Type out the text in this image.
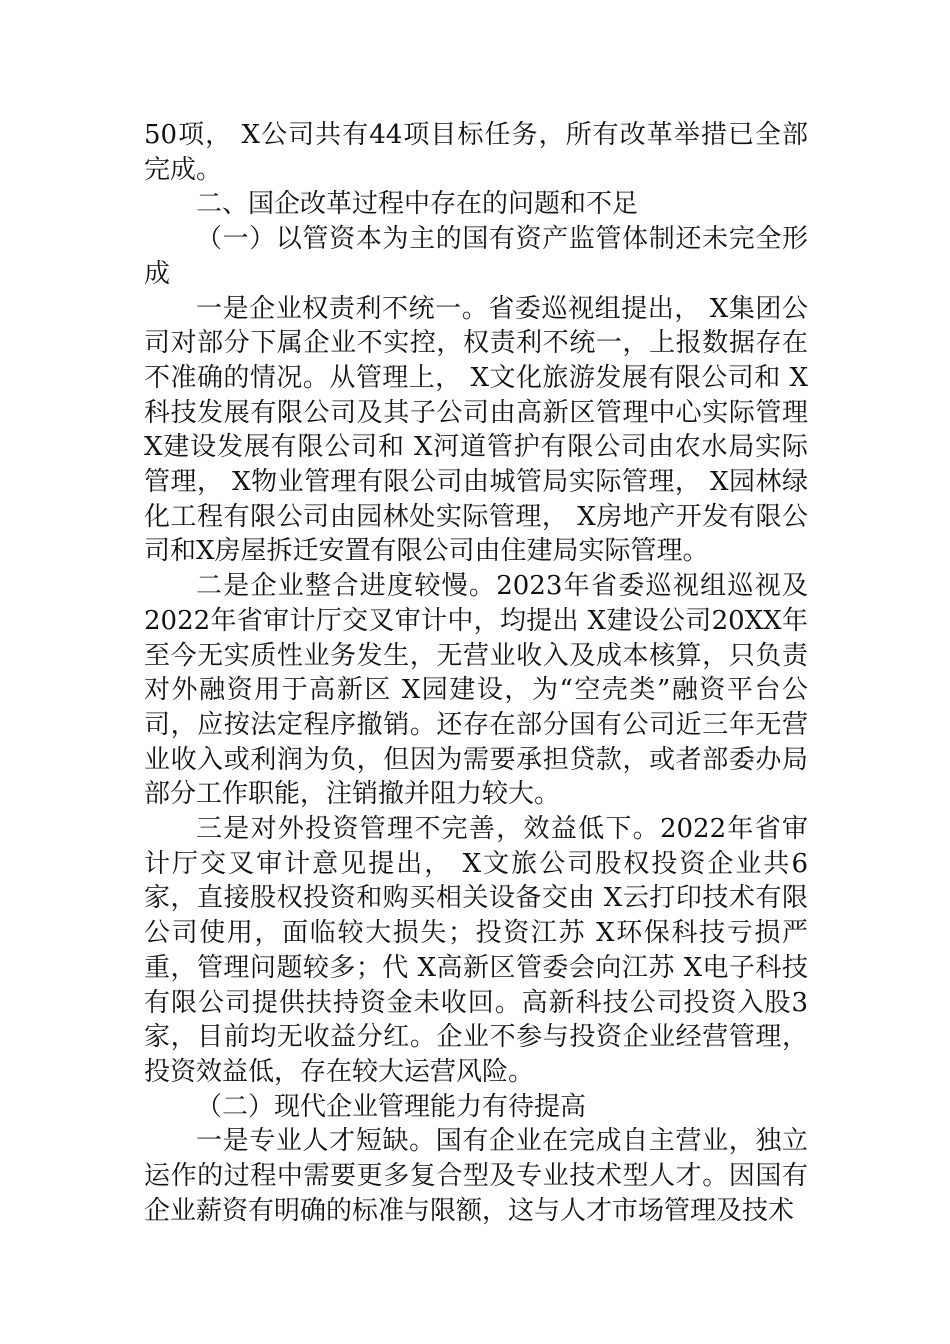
50项， X公司共有44项目标任务，所有改革举措已全部完成。

二、国企改革过程中存在的问题和不足

（一）以管资本为主的国有资产监管体制还未完全形成

一是企业权责利不统一。省委巡视组提出， X集团公司对部分下属企业不实控，权责利不统一，上报数据存在不准确的情况。从管理上， X文化旅游发展有限公司和 X科技发展有限公司及其子公司由高新区管理中心实际管理 X建设发展有限公司和 X河道管护有限公司由农水局实际管理， X物业管理有限公司由城管局实际管理， X园林绿化工程有限公司由园林处实际管理， X房地产开发有限公司和X房屋拆迁安置有限公司由住建局实际管理。

二是企业整合进度较慢。2023年省委巡视组巡视及2022年省审计厅交叉审计中，均提出 X建设公司20XX年至今无实质性业务发生，无营业收入及成本核算，只负责对外融资用于高新区 X园建设，为“空壳类”融资平台公司，应按法定程序撤销。还存在部分国有公司近三年无营业收入或利润为负，但因为需要承担贷款，或者部委办局部分工作职能，注销撤并阻力较大。

三是对外投资管理不完善，效益低下。2022年省审计厅交叉审计意见提出， X文旅公司股权投资企业共6家，直接股权投资和购买相关设备交由 X云打印技术有限公司使用，面临较大损失；投资江苏 X环保科技亏损严重，管理问题较多；代 X高新区管委会向江苏 X电子科技有限公司提供扶持资金未收回。高新科技公司投资入股3家，目前均无收益分红。企业不参与投资企业经营管理，投资效益低，存在较大运营风险。

（二）现代企业管理能力有待提高

一是专业人才短缺。国有企业在完成自主营业，独立运作的过程中需要更多复合型及专业技术型人才。因国有企业薪资有明确的标准与限额，这与人才市场管理及技术
